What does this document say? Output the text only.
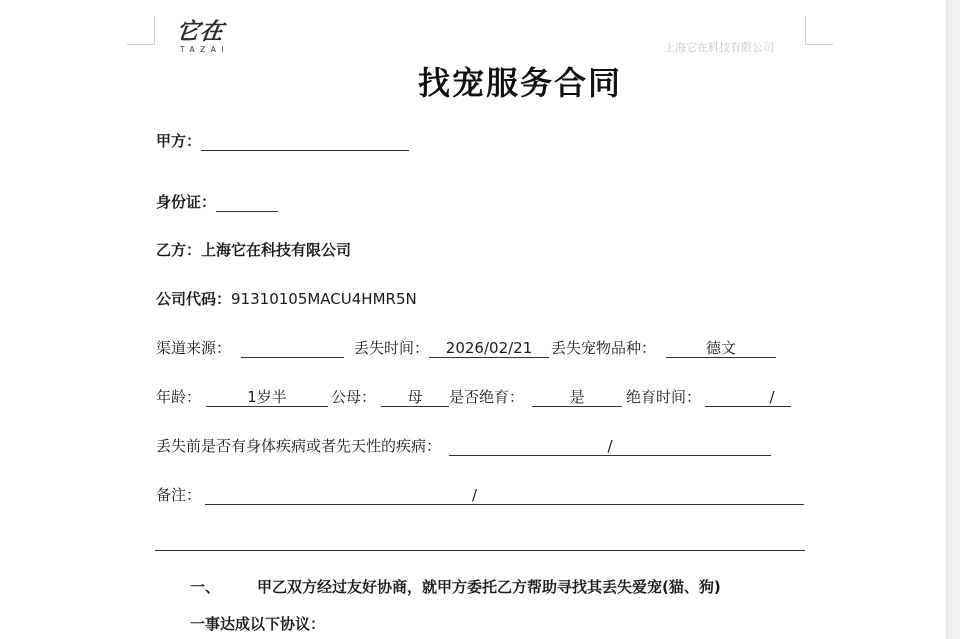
它在
TAZAI	上海它在科技有限公司
找宠服务合同
甲方：
身份证：
乙方：上海它在科技有限公司
公司代码：91310105MACU4HMR5N
渠道来源：	丢失时间： 2026/02/21 丢失宠物品种：	德文
年龄：	1岁半	公母： 母 是否绝育：	是	绝育时间：	/
丢失前是否有身体疾病或者先天性的疾病：	/
备注：	/
一、 甲乙双方经过友好协商，就甲方委托乙方帮助寻找其丢失爱宠(猫、狗)
一事达成以下协议：
